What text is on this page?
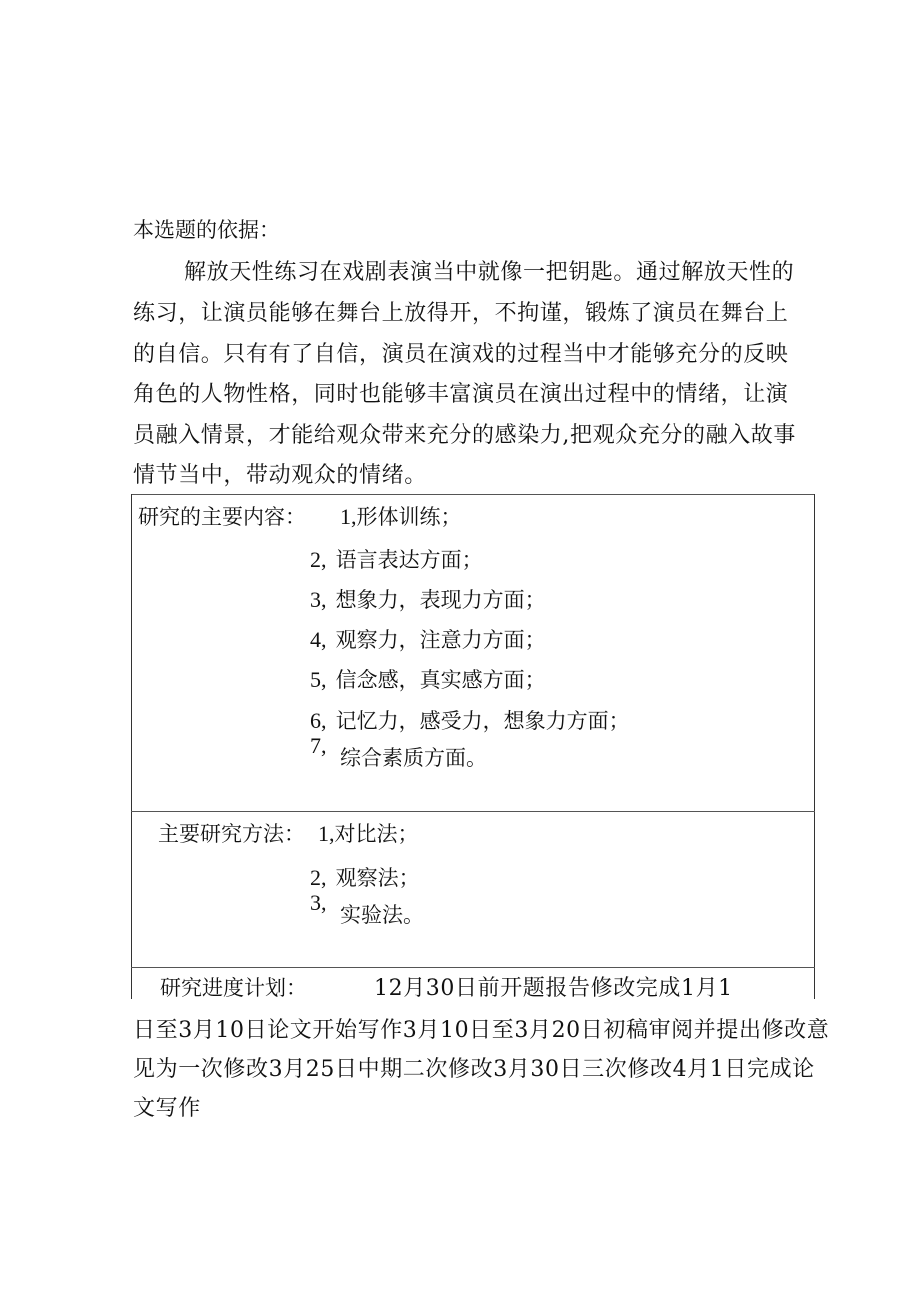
本选题的依据：
解放天性练习在戏剧表演当中就像一把钥匙。通过解放天性的
练习，让演员能够在舞台上放得开，不拘谨，锻炼了演员在舞台上
的自信。只有有了自信，演员在演戏的过程当中才能够充分的反映
角色的人物性格，同时也能够丰富演员在演出过程中的情绪，让演
员融入情景，才能给观众带来充分的感染力,把观众充分的融入故事
情节当中，带动观众的情绪。
研究的主要内容： 1,形体训练；
2, 语言表达方面；
3, 想象力，表现力方面；
4, 观察力，注意力方面；
5, 信念感，真实感方面；
6, 记忆力，感受力，想象力方面；
7, 综合素质方面。
主要研究方法： 1,对比法；
2, 观察法；
3, 实验法。
研究进度计划：	12月30日前开题报告修改完成1月1
日至3月10日论文开始写作3月10日至3月20日初稿审阅并提出修改意
见为一次修改3月25日中期二次修改3月30日三次修改4月1日完成论
文写作
